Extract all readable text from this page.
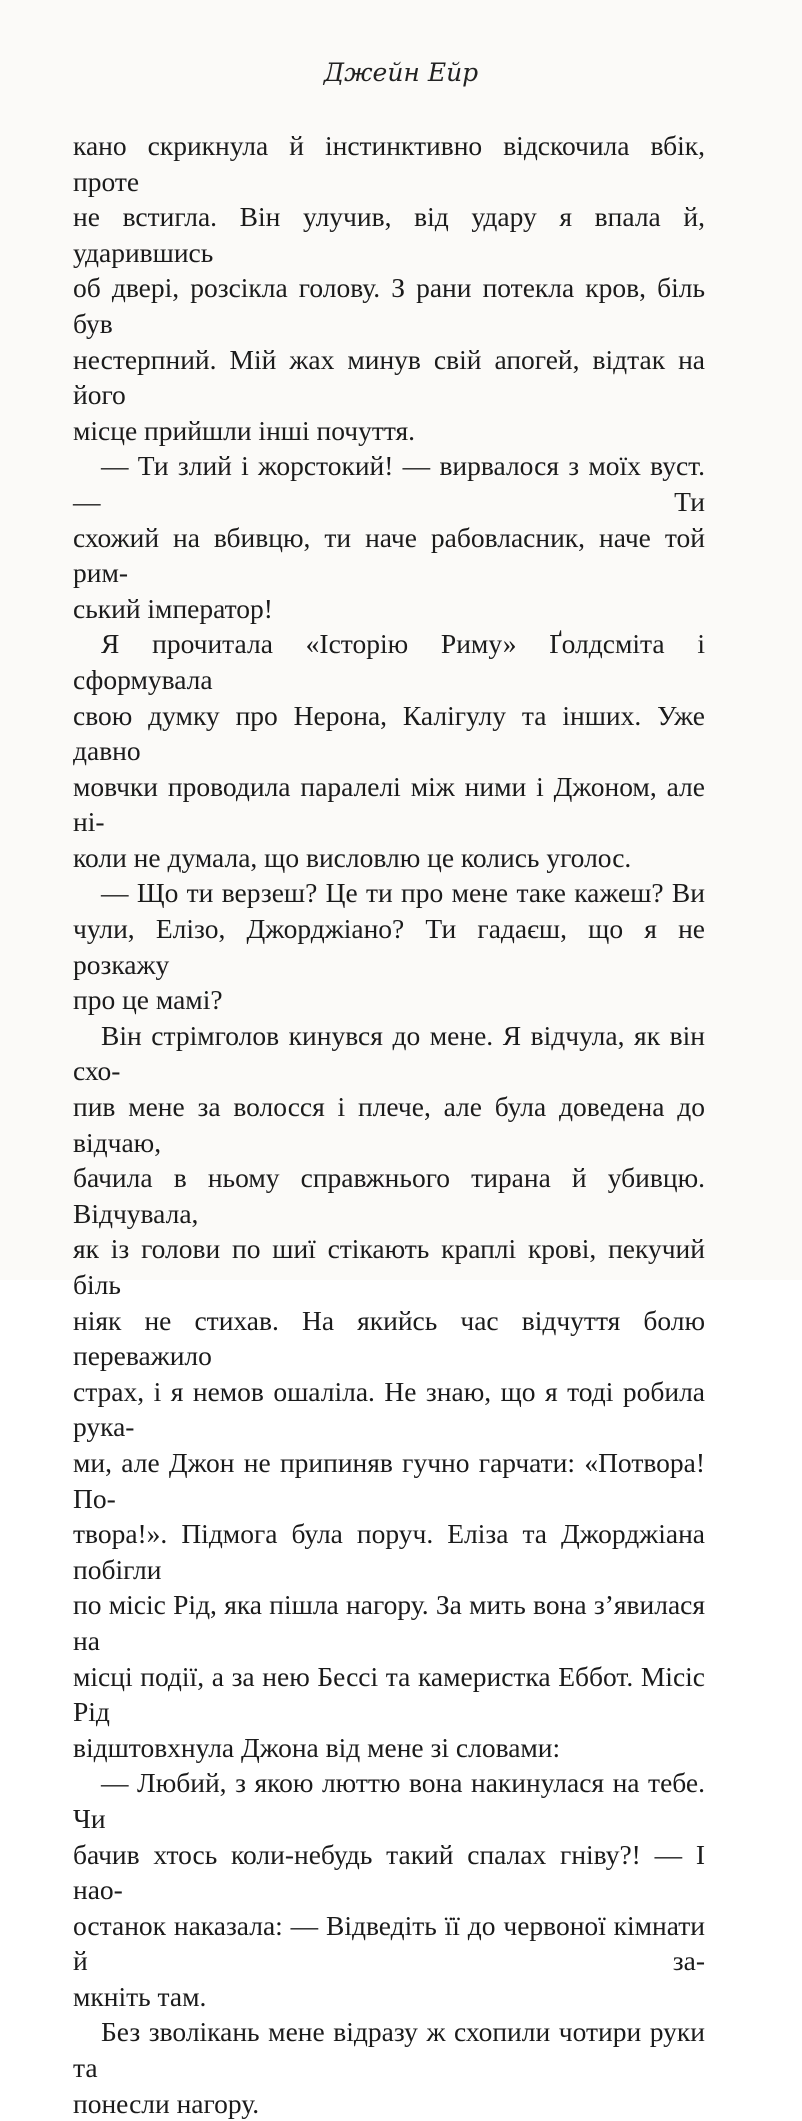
Джейн Ейр

кано скрикнула й інстинктивно відскочила вбік, проте
не встигла. Він улучив, від удару я впала й, ударившись
об двері, розсікла голову. З рани потекла кров, біль був
нестерпний. Мій жах минув свій апогей, відтак на його
місце прийшли інші почуття.

— Ти злий і жорстокий! — вирвалося з моїх вуст. — Ти
схожий на вбивцю, ти наче рабовласник, наче той рим-
ський імператор!

Я прочитала «Історію Риму» Ґолдсміта і сформувала
свою думку про Нерона, Калігулу та інших. Уже давно
мовчки проводила паралелі між ними і Джоном, але ні-
коли не думала, що висловлю це колись уголос.

— Що ти верзеш? Це ти про мене таке кажеш? Ви
чули, Елізо, Джорджіано? Ти гадаєш, що я не розкажу
про це мамі?

Він стрімголов кинувся до мене. Я відчула, як він схо-
пив мене за волосся і плече, але була доведена до відчаю,
бачила в ньому справжнього тирана й убивцю. Відчувала,
як із голови по шиї стікають краплі крові, пекучий біль
ніяк не стихав. На якийсь час відчуття болю переважило
страх, і я немов ошаліла. Не знаю, що я тоді робила рука-
ми, але Джон не припиняв гучно гарчати: «Потвора! По-
твора!». Підмога була поруч. Еліза та Джорджіана побігли
по місіс Рід, яка пішла нагору. За мить вона з’явилася на
місці події, а за нею Бессі та камеристка Еббот. Місіс Рід
відштовхнула Джона від мене зі словами:

— Любий, з якою люттю вона накинулася на тебе. Чи
бачив хтось коли-небудь такий спалах гніву?! — І нао-
останок наказала: — Відведіть її до червоної кімнати й за-
мкніть там.

Без зволікань мене відразу ж схопили чотири руки та
понесли нагору.
